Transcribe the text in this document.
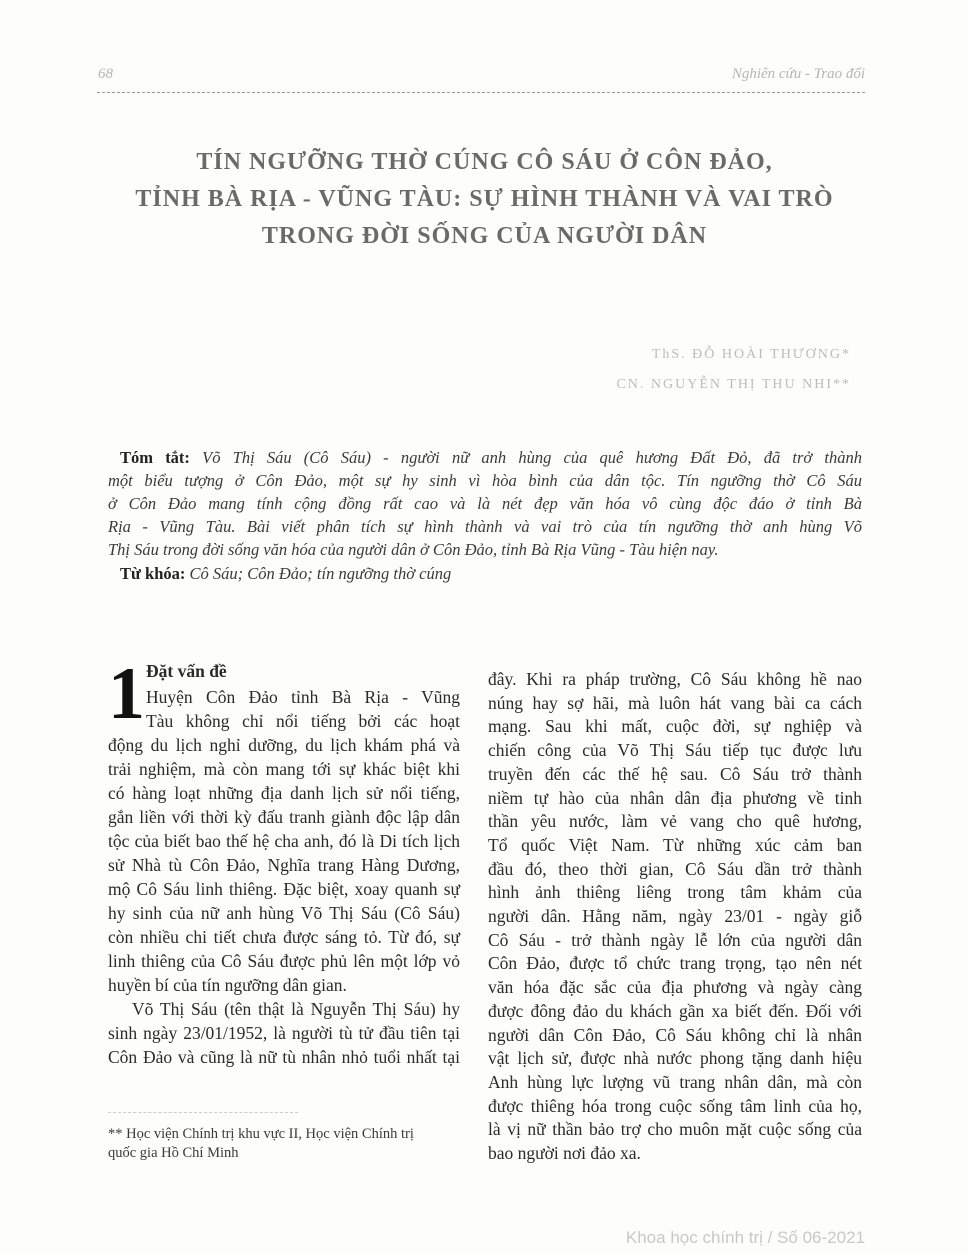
68	Nghiên cứu - Trao đổi
TÍN NGƯỠNG THỜ CÚNG CÔ SÁU Ở CÔN ĐẢO,
TỈNH BÀ RỊA - VŨNG TÀU: SỰ HÌNH THÀNH VÀ VAI TRÒ
TRONG ĐỜI SỐNG CỦA NGƯỜI DÂN
ThS. ĐỖ HOÀI THƯƠNG*
CN. NGUYỄN THỊ THU NHI**
Tóm tắt: Võ Thị Sáu (Cô Sáu) - người nữ anh hùng của quê hương Đất Đỏ, đã trở thành
một biểu tượng ở Côn Đảo, một sự hy sinh vì hòa bình của dân tộc. Tín ngưỡng thờ Cô Sáu
ở Côn Đảo mang tính cộng đồng rất cao và là nét đẹp văn hóa vô cùng độc đáo ở tỉnh Bà
Rịa - Vũng Tàu. Bài viết phân tích sự hình thành và vai trò của tín ngưỡng thờ anh hùng Võ
Thị Sáu trong đời sống văn hóa của người dân ở Côn Đảo, tỉnh Bà Rịa Vũng - Tàu hiện nay.
Từ khóa: Cô Sáu; Côn Đảo; tín ngưỡng thờ cúng
1 Đặt vấn đề
Huyện Côn Đảo tỉnh Bà Rịa - Vũng
Tàu không chỉ nổi tiếng bởi các hoạt
động du lịch nghỉ dưỡng, du lịch khám phá và
trải nghiệm, mà còn mang tới sự khác biệt khi
có hàng loạt những địa danh lịch sử nổi tiếng,
gắn liền với thời kỳ đấu tranh giành độc lập dân
tộc của biết bao thế hệ cha anh, đó là Di tích lịch
sử Nhà tù Côn Đảo, Nghĩa trang Hàng Dương,
mộ Cô Sáu linh thiêng. Đặc biệt, xoay quanh sự
hy sinh của nữ anh hùng Võ Thị Sáu (Cô Sáu)
còn nhiều chi tiết chưa được sáng tỏ. Từ đó, sự
linh thiêng của Cô Sáu được phủ lên một lớp vỏ
huyền bí của tín ngưỡng dân gian.
Võ Thị Sáu (tên thật là Nguyễn Thị Sáu) hy
sinh ngày 23/01/1952, là người tù tử đầu tiên tại
Côn Đảo và cũng là nữ tù nhân nhỏ tuổi nhất tại
đây. Khi ra pháp trường, Cô Sáu không hề nao
núng hay sợ hãi, mà luôn hát vang bài ca cách
mạng. Sau khi mất, cuộc đời, sự nghiệp và
chiến công của Võ Thị Sáu tiếp tục được lưu
truyền đến các thế hệ sau. Cô Sáu trở thành
niềm tự hào của nhân dân địa phương về tinh
thần yêu nước, làm vẻ vang cho quê hương,
Tổ quốc Việt Nam. Từ những xúc cảm ban
đầu đó, theo thời gian, Cô Sáu dần trở thành
hình ảnh thiêng liêng trong tâm khảm của
người dân. Hằng năm, ngày 23/01 - ngày giỗ
Cô Sáu - trở thành ngày lễ lớn của người dân
Côn Đảo, được tổ chức trang trọng, tạo nên nét
văn hóa đặc sắc của địa phương và ngày càng
được đông đảo du khách gần xa biết đến. Đối với
người dân Côn Đảo, Cô Sáu không chỉ là nhân
vật lịch sử, được nhà nước phong tặng danh hiệu
Anh hùng lực lượng vũ trang nhân dân, mà còn
được thiêng hóa trong cuộc sống tâm linh của họ,
là vị nữ thần bảo trợ cho muôn mặt cuộc sống của
bao người nơi đảo xa.
** Học viện Chính trị khu vực II, Học viện Chính trị
quốc gia Hồ Chí Minh
Khoa học chính trị / Số 06-2021
